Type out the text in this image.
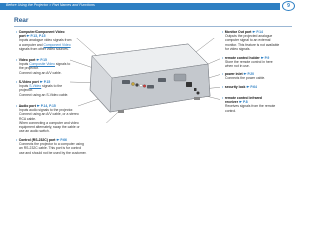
Before Using the Projector > Part Names and Functions	9
Rear
• Computer/Component Video
port ☛ P.13, P.15
Inputs analogue video signals from
a computer and Component Video
signals from other video sources.
• Video port ☛ P.15
Inputs Composite Video signals to
the projector.
Connect using an A/V cable.
• S-Video port ☛ P.15
Inputs S-Video signals to the
projector.
Connect using an S-Video cable.
• Audio port ☛ P.14, P.15
Inputs audio signals to the projector.
Connect using an A/V cable, or a stereo
RCA cable.
When connecting a computer and video
equipment alternately, swap the cable or
use an audio switch.
• Control (RS-232C) port ☛ P.66
Connects the projector to a computer using
an RS-232C cable. This port is for control
use and should not be used by the customer.
• Monitor Out port ☛ P.14
Outputs the projected analogue
computer signal to an external
monitor. This feature is not available
for video signals.
• remote control holder ☛ P.9
Store the remote control in here
when not in use.
• power inlet ☛ P.20
Connects the power cable.
• security lock ☛ P.64
• remote control infrared
receiver ☛ P.8
Receives signals from the remote
control.
